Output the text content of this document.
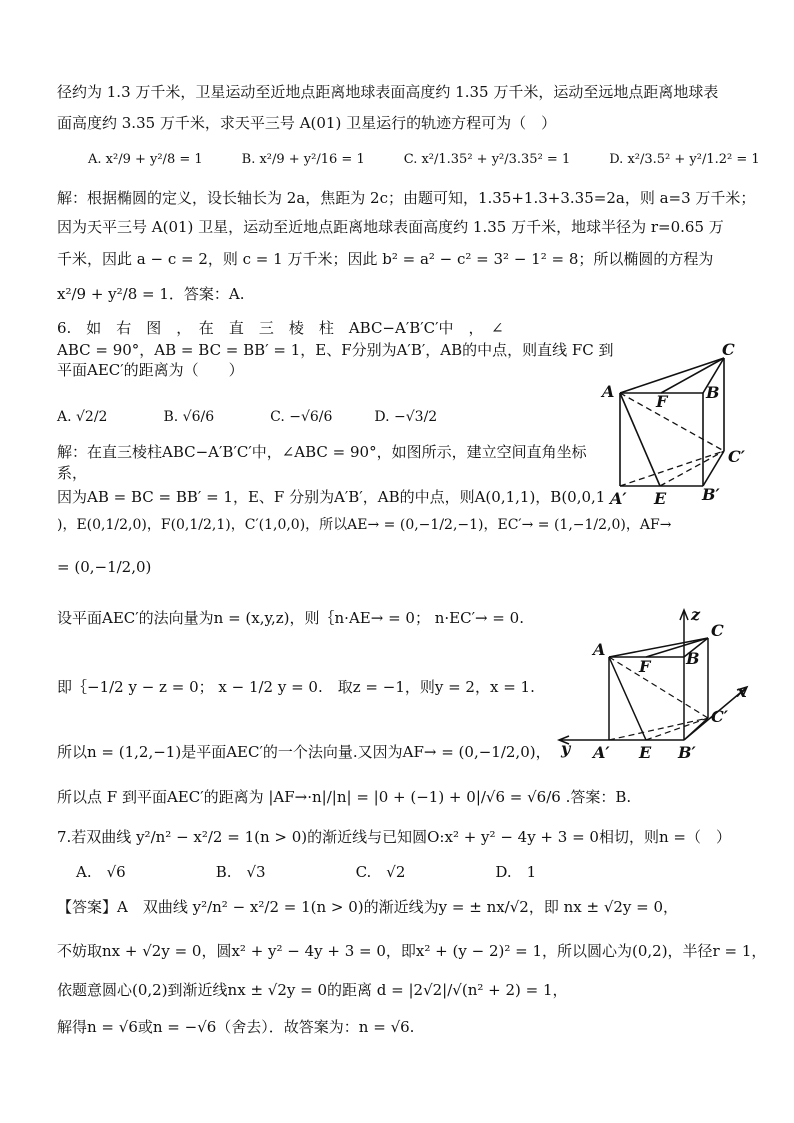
径约为 1.3 万千米，卫星运动至近地点距离地球表面高度约 1.35 万千米，运动至远地点距离地球表
面高度约 3.35 万千米，求天平三号 A(01) 卫星运行的轨迹方程可为（　）
A. x²/9 + y²/8 = 1　　　B. x²/9 + y²/16 = 1　　　C. x²/1.35² + y²/3.35² = 1　　　D. x²/3.5² + y²/1.2² = 1
解：根据椭圆的定义，设长轴长为 2a，焦距为 2c；由题可知，1.35+1.3+3.35=2a，则 a=3 万千米；
因为天平三号 A(01) 卫星，运动至近地点距离地球表面高度约 1.35 万千米，地球半径为 r=0.65 万
千米，因此 a − c = 2，则 c = 1 万千米；因此 b² = a² − c² = 3² − 1² = 8；所以椭圆的方程为
x²/9 + y²/8 = 1．答案：A.
6.　如　右　图　，　在　直　三　棱　柱　ABC−A′B′C′中　，　∠
ABC = 90°，AB = BC = BB′ = 1，E、F分别为A′B′，AB的中点，则直线 FC 到
平面AEC′的距离为（　　）
A. √2/2　　　　B. √6/6　　　　C. −√6/6　　　D. −√3/2
解：在直三棱柱ABC−A′B′C′中，∠ABC = 90°，如图所示，建立空间直角坐标
系，
因为AB = BC = BB′ = 1，E、F 分别为A′B′，AB的中点，则A(0,1,1)，B(0,0,1
)，E(0,1/2,0)，F(0,1/2,1)，C′(1,0,0)，所以AE→ = (0,−1/2,−1)，EC′→ = (1,−1/2,0)，AF→
= (0,−1/2,0)
设平面AEC′的法向量为n = (x,y,z)，则｛n·AE→ = 0； n·EC′→ = 0.
即｛−1/2 y − z = 0； x − 1/2 y = 0.　取z = −1，则y = 2，x = 1.
所以n = (1,2,−1)是平面AEC′的一个法向量.又因为AF→ = (0,−1/2,0)，
所以点 F 到平面AEC′的距离为 |AF→·n|/|n| = |0 + (−1) + 0|/√6 = √6/6 .答案：B.
7.若双曲线 y²/n² − x²/2 = 1(n > 0)的渐近线与已知圆O:x² + y² − 4y + 3 = 0相切，则n =（　）
A.　√6　　　　　　B.　√3　　　　　　C.　√2　　　　　　D.　1
【答案】A　双曲线 y²/n² − x²/2 = 1(n > 0)的渐近线为y = ± nx/√2，即 nx ± √2y = 0，
不妨取nx + √2y = 0，圆x² + y² − 4y + 3 = 0，即x² + (y − 2)² = 1，所以圆心为(0,2)，半径r = 1，
依题意圆心(0,2)到渐近线nx ± √2y = 0的距离 d = |2√2|/√(n² + 2) = 1，
解得n = √6或n = −√6（舍去）．故答案为：n = √6.
C
A
F B
C′
A′ E B′
z
C
A	B
F
x
C′
y A′ E B′
